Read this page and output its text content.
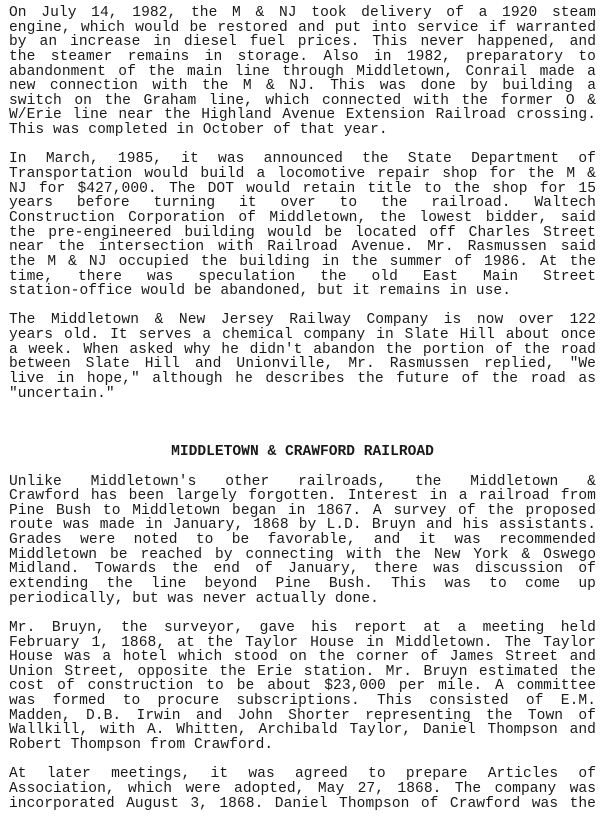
On July 14, 1982, the M & NJ took delivery of a 1920 steam
engine, which would be restored and put into service if warranted
by an increase in diesel fuel prices. This never happened, and
the steamer remains in storage. Also in 1982, preparatory to
abandonment of the main line through Middletown, Conrail made a
new connection with the M & NJ. This was done by building a
switch on the Graham line, which connected with the former O &
W/Erie line near the Highland Avenue Extension Railroad crossing.
This was completed in October of that year.
In March, 1985, it was announced the State Department of
Transportation would build a locomotive repair shop for the M &
NJ for $427,000. The DOT would retain title to the shop for 15
years before turning it over to the railroad. Waltech
Construction Corporation of Middletown, the lowest bidder, said
the pre-engineered building would be located off Charles Street
near the intersection with Railroad Avenue. Mr. Rasmussen said
the M & NJ occupied the building in the summer of 1986. At the
time, there was speculation the old East Main Street
station-office would be abandoned, but it remains in use.
The Middletown & New Jersey Railway Company is now over 122
years old. It serves a chemical company in Slate Hill about once
a week. When asked why he didn't abandon the portion of the road
between Slate Hill and Unionville, Mr. Rasmussen replied, "We
live in hope," although he describes the future of the road as
"uncertain."
MIDDLETOWN & CRAWFORD RAILROAD
Unlike Middletown's other railroads, the Middletown &
Crawford has been largely forgotten. Interest in a railroad from
Pine Bush to Middletown began in 1867. A survey of the proposed
route was made in January, 1868 by L.D. Bruyn and his assistants.
Grades were noted to be favorable, and it was recommended
Middletown be reached by connecting with the New York & Oswego
Midland. Towards the end of January, there was discussion of
extending the line beyond Pine Bush. This was to come up
periodically, but was never actually done.
Mr. Bruyn, the surveyor, gave his report at a meeting held
February 1, 1868, at the Taylor House in Middletown. The Taylor
House was a hotel which stood on the corner of James Street and
Union Street, opposite the Erie station. Mr. Bruyn estimated the
cost of construction to be about $23,000 per mile. A committee
was formed to procure subscriptions. This consisted of E.M.
Madden, D.B. Irwin and John Shorter representing the Town of
Wallkill, with A. Whitten, Archibald Taylor, Daniel Thompson and
Robert Thompson from Crawford.
At later meetings, it was agreed to prepare Articles of
Association, which were adopted, May 27, 1868. The company was
incorporated August 3, 1868. Daniel Thompson of Crawford was the
